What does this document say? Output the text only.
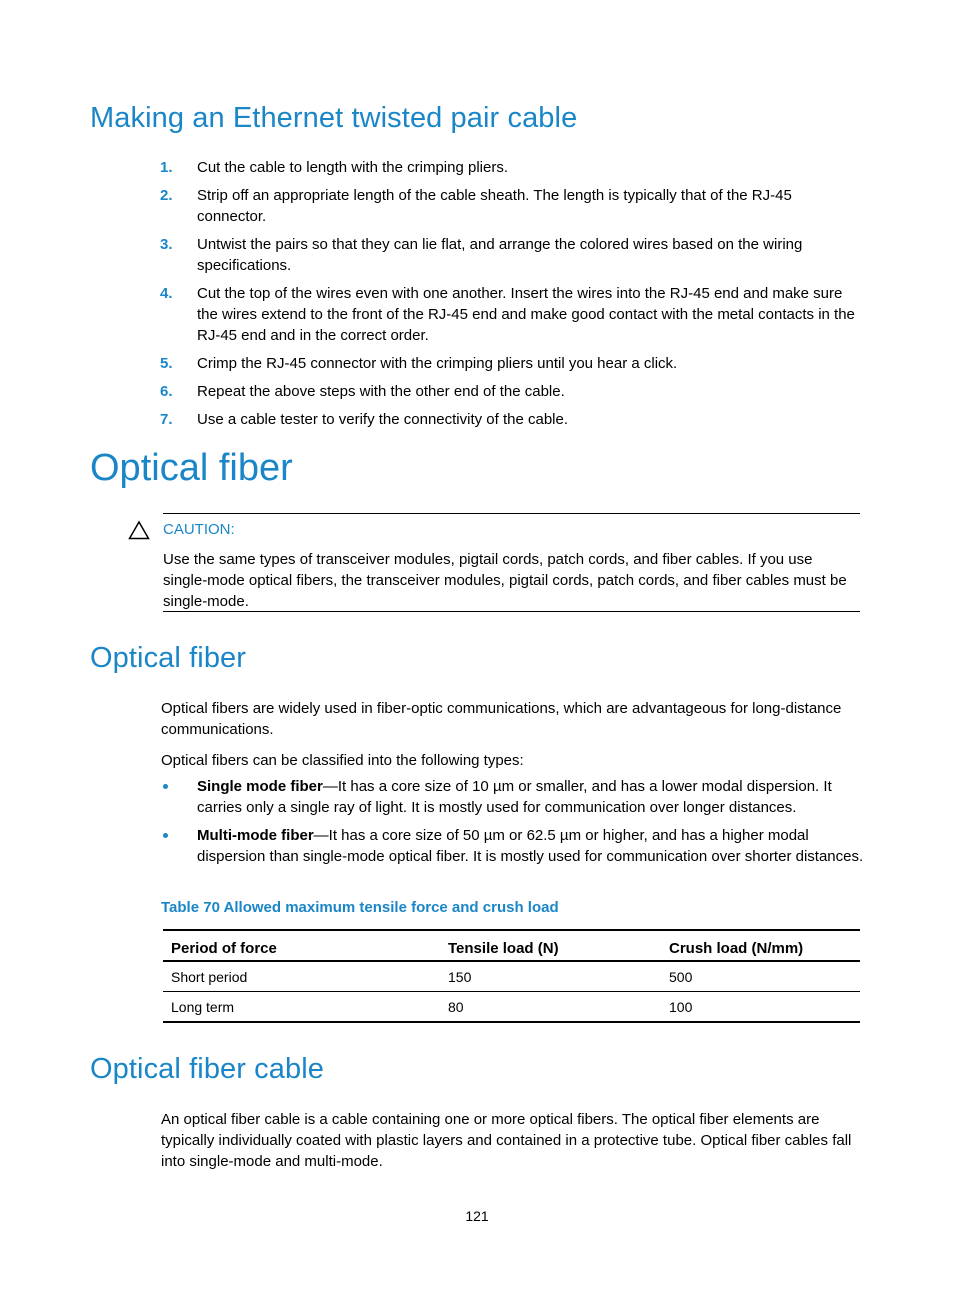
Making an Ethernet twisted pair cable
1. Cut the cable to length with the crimping pliers.
2. Strip off an appropriate length of the cable sheath. The length is typically that of the RJ-45 connector.
3. Untwist the pairs so that they can lie flat, and arrange the colored wires based on the wiring specifications.
4. Cut the top of the wires even with one another. Insert the wires into the RJ-45 end and make sure the wires extend to the front of the RJ-45 end and make good contact with the metal contacts in the RJ-45 end and in the correct order.
5. Crimp the RJ-45 connector with the crimping pliers until you hear a click.
6. Repeat the above steps with the other end of the cable.
7. Use a cable tester to verify the connectivity of the cable.
Optical fiber
CAUTION:
Use the same types of transceiver modules, pigtail cords, patch cords, and fiber cables. If you use single-mode optical fibers, the transceiver modules, pigtail cords, patch cords, and fiber cables must be single-mode.
Optical fiber

Optical fibers are widely used in fiber-optic communications, which are advantageous for long-distance communications.

Optical fibers can be classified into the following types:

Single mode fiber—It has a core size of 10 µm or smaller, and has a lower modal dispersion. It carries only a single ray of light. It is mostly used for communication over longer distances.
Multi-mode fiber—It has a core size of 50 µm or 62.5 µm or higher, and has a higher modal dispersion than single-mode optical fiber. It is mostly used for communication over shorter distances.
Table 70 Allowed maximum tensile force and crush load
Period of force	Tensile load (N)	Crush load (N/mm)
Short period	150	500
Long term	80	100
Optical fiber cable

An optical fiber cable is a cable containing one or more optical fibers. The optical fiber elements are typically individually coated with plastic layers and contained in a protective tube. Optical fiber cables fall into single-mode and multi-mode.

121
